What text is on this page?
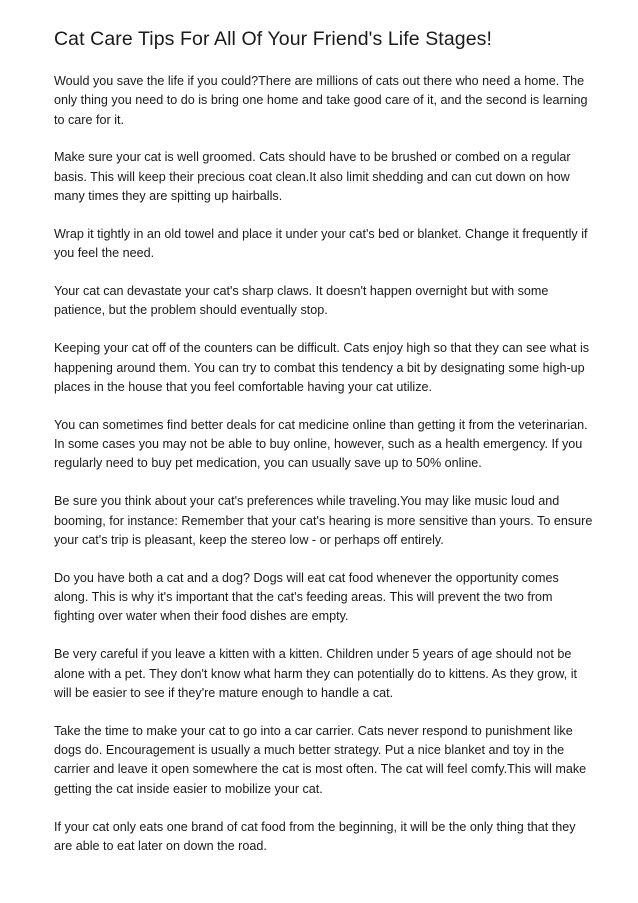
Cat Care Tips For All Of Your Friend's Life Stages!

Would you save the life if you could?There are millions of cats out there who need a home. The only thing you need to do is bring one home and take good care of it, and the second is learning to care for it.

Make sure your cat is well groomed. Cats should have to be brushed or combed on a regular basis. This will keep their precious coat clean.It also limit shedding and can cut down on how many times they are spitting up hairballs.

Wrap it tightly in an old towel and place it under your cat's bed or blanket. Change it frequently if you feel the need.

Your cat can devastate your cat's sharp claws. It doesn't happen overnight but with some patience, but the problem should eventually stop.

Keeping your cat off of the counters can be difficult. Cats enjoy high so that they can see what is happening around them. You can try to combat this tendency a bit by designating some high-up places in the house that you feel comfortable having your cat utilize.

You can sometimes find better deals for cat medicine online than getting it from the veterinarian. In some cases you may not be able to buy online, however, such as a health emergency. If you regularly need to buy pet medication, you can usually save up to 50% online.

Be sure you think about your cat's preferences while traveling.You may like music loud and booming, for instance: Remember that your cat's hearing is more sensitive than yours. To ensure your cat's trip is pleasant, keep the stereo low - or perhaps off entirely.

Do you have both a cat and a dog? Dogs will eat cat food whenever the opportunity comes along. This is why it's important that the cat's feeding areas. This will prevent the two from fighting over water when their food dishes are empty.

Be very careful if you leave a kitten with a kitten. Children under 5 years of age should not be alone with a pet. They don't know what harm they can potentially do to kittens. As they grow, it will be easier to see if they're mature enough to handle a cat.

Take the time to make your cat to go into a car carrier. Cats never respond to punishment like dogs do. Encouragement is usually a much better strategy. Put a nice blanket and toy in the carrier and leave it open somewhere the cat is most often. The cat will feel comfy.This will make getting the cat inside easier to mobilize your cat.

If your cat only eats one brand of cat food from the beginning, it will be the only thing that they are able to eat later on down the road.
